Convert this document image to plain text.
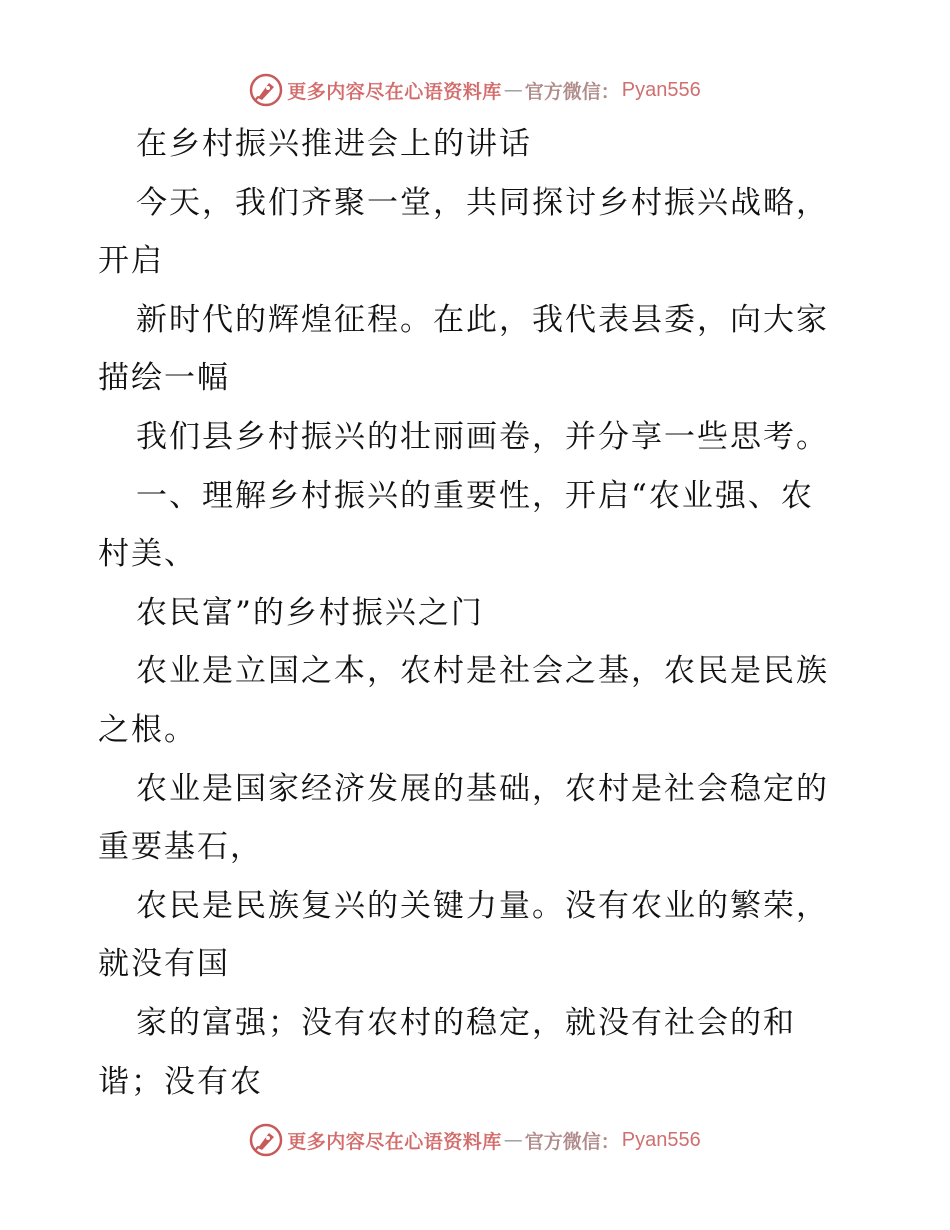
更多内容尽在心语资料库 — 官方微信： Pyan556
在乡村振兴推进会上的讲话
今天，我们齐聚一堂，共同探讨乡村振兴战略，
开启
新时代的辉煌征程。在此，我代表县委，向大家
描绘一幅
我们县乡村振兴的壮丽画卷，并分享一些思考。
一、理解乡村振兴的重要性，开启“农业强、农
村美、
农民富”的乡村振兴之门
农业是立国之本，农村是社会之基，农民是民族
之根。
农业是国家经济发展的基础，农村是社会稳定的
重要基石，
农民是民族复兴的关键力量。没有农业的繁荣，
就没有国
家的富强；没有农村的稳定，就没有社会的和
谐；没有农
更多内容尽在心语资料库 — 官方微信： Pyan556
